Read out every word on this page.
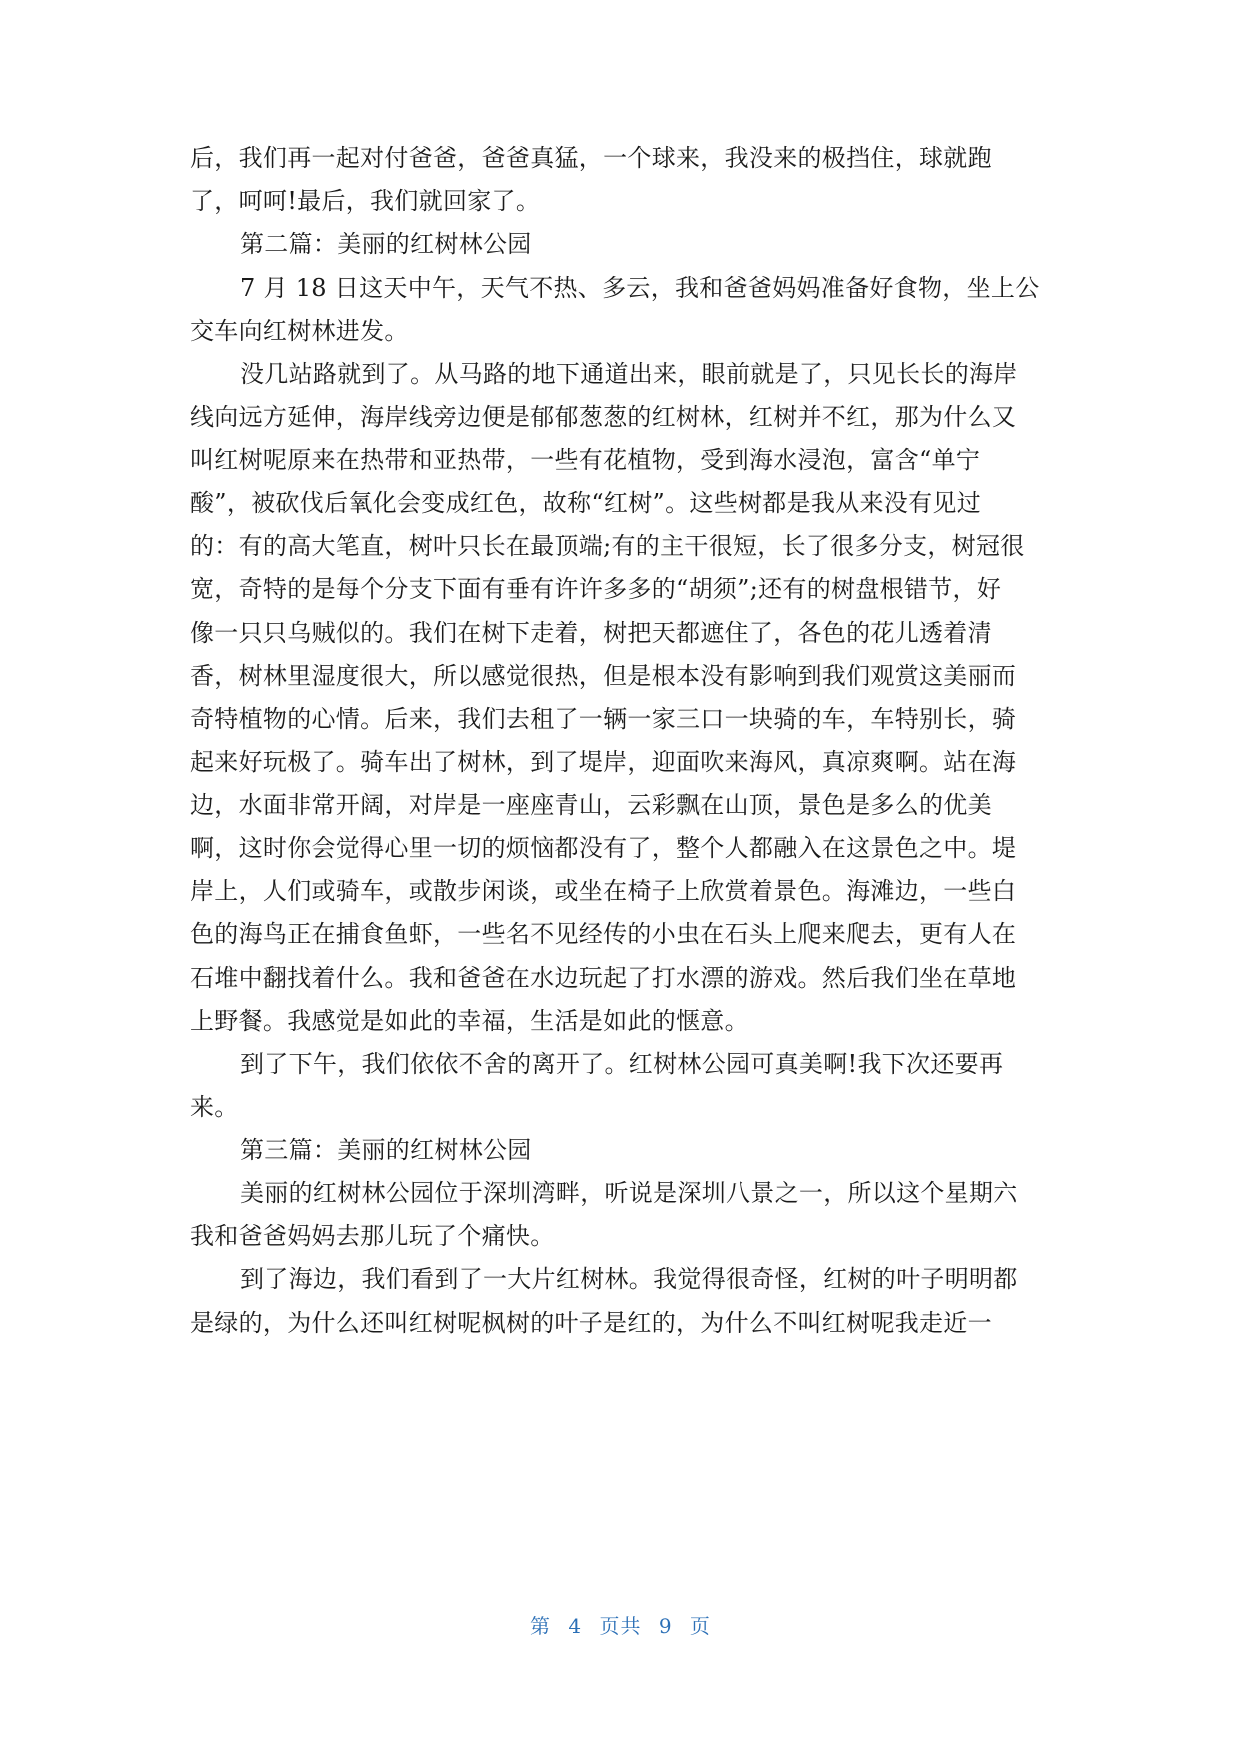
后，我们再一起对付爸爸，爸爸真猛，一个球来，我没来的极挡住，球就跑
了，呵呵!最后，我们就回家了。
第二篇：美丽的红树林公园
7 月 18 日这天中午，天气不热、多云，我和爸爸妈妈准备好食物，坐上公
交车向红树林进发。
没几站路就到了。从马路的地下通道出来，眼前就是了，只见长长的海岸
线向远方延伸，海岸线旁边便是郁郁葱葱的红树林，红树并不红，那为什么又
叫红树呢原来在热带和亚热带，一些有花植物，受到海水浸泡，富含“单宁
酸”，被砍伐后氧化会变成红色，故称“红树”。这些树都是我从来没有见过
的：有的高大笔直，树叶只长在最顶端;有的主干很短，长了很多分支，树冠很
宽，奇特的是每个分支下面有垂有许许多多的“胡须”;还有的树盘根错节，好
像一只只乌贼似的。我们在树下走着，树把天都遮住了，各色的花儿透着清
香，树林里湿度很大，所以感觉很热，但是根本没有影响到我们观赏这美丽而
奇特植物的心情。后来，我们去租了一辆一家三口一块骑的车，车特别长，骑
起来好玩极了。骑车出了树林，到了堤岸，迎面吹来海风，真凉爽啊。站在海
边，水面非常开阔，对岸是一座座青山，云彩飘在山顶，景色是多么的优美
啊，这时你会觉得心里一切的烦恼都没有了，整个人都融入在这景色之中。堤
岸上，人们或骑车，或散步闲谈，或坐在椅子上欣赏着景色。海滩边，一些白
色的海鸟正在捕食鱼虾，一些名不见经传的小虫在石头上爬来爬去，更有人在
石堆中翻找着什么。我和爸爸在水边玩起了打水漂的游戏。然后我们坐在草地
上野餐。我感觉是如此的幸福，生活是如此的惬意。
到了下午，我们依依不舍的离开了。红树林公园可真美啊!我下次还要再
来。
第三篇：美丽的红树林公园
美丽的红树林公园位于深圳湾畔，听说是深圳八景之一，所以这个星期六
我和爸爸妈妈去那儿玩了个痛快。
到了海边，我们看到了一大片红树林。我觉得很奇怪，红树的叶子明明都
是绿的，为什么还叫红树呢枫树的叶子是红的，为什么不叫红树呢我走近一
第 4 页共 9 页
